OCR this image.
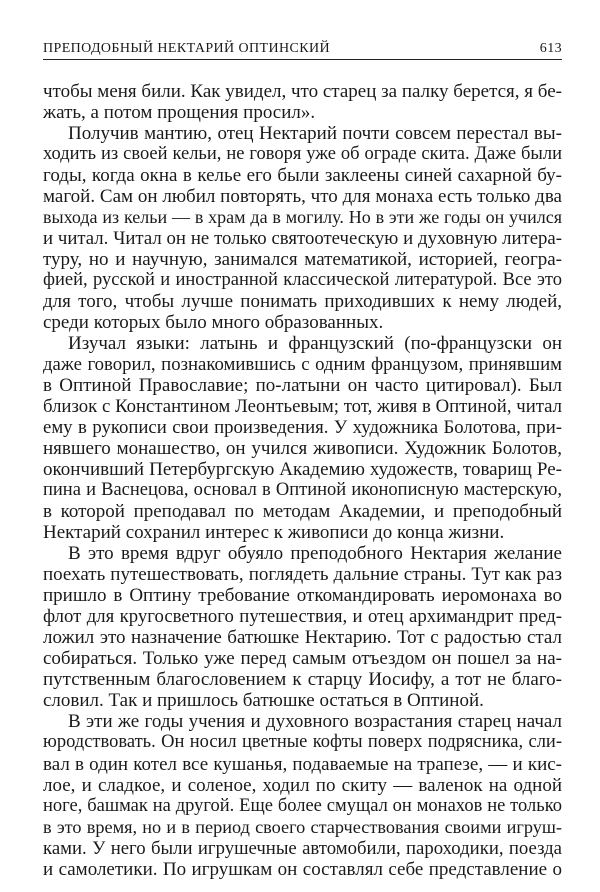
ПРЕПОДОБНЫЙ НЕКТАРИЙ ОПТИНСКИЙ	613
чтобы меня били. Как увидел, что старец за палку берется, я бе-
жать, а потом прощения просил».
Получив мантию, отец Нектарий почти совсем перестал вы-
ходить из своей кельи, не говоря уже об ограде скита. Даже были
годы, когда окна в келье его были заклеены синей сахарной бу-
магой. Сам он любил повторять, что для монаха есть только два
выхода из кельи — в храм да в могилу. Но в эти же годы он учился
и читал. Читал он не только святоотеческую и духовную литера-
туру, но и научную, занимался математикой, историей, геогра-
фией, русской и иностранной классической литературой. Все это
для того, чтобы лучше понимать приходивших к нему людей,
среди которых было много образованных.
Изучал языки: латынь и французский (по-французски он
даже говорил, познакомившись с одним французом, принявшим
в Оптиной Православие; по-латыни он часто цитировал). Был
близок с Константином Леонтьевым; тот, живя в Оптиной, читал
ему в рукописи свои произведения. У художника Болотова, при-
нявшего монашество, он учился живописи. Художник Болотов,
окончивший Петербургскую Академию художеств, товарищ Ре-
пина и Васнецова, основал в Оптиной иконописную мастерскую,
в которой преподавал по методам Академии, и преподобный
Нектарий сохранил интерес к живописи до конца жизни.
В это время вдруг обуяло преподобного Нектария желание
поехать путешествовать, поглядеть дальние страны. Тут как раз
пришло в Оптину требование откомандировать иеромонаха во
флот для кругосветного путешествия, и отец архимандрит пред-
ложил это назначение батюшке Нектарию. Тот с радостью стал
собираться. Только уже перед самым отъездом он пошел за на-
путственным благословением к старцу Иосифу, а тот не благо-
словил. Так и пришлось батюшке остаться в Оптиной.
В эти же годы учения и духовного возрастания старец начал
юродствовать. Он носил цветные кофты поверх подрясника, сли-
вал в один котел все кушанья, подаваемые на трапезе, — и кис-
лое, и сладкое, и соленое, ходил по скиту — валенок на одной
ноге, башмак на другой. Еще более смущал он монахов не только
в это время, но и в период своего старчествования своими игруш-
ками. У него были игрушечные автомобили, пароходики, поезда
и самолетики. По игрушкам он составлял себе представление о
